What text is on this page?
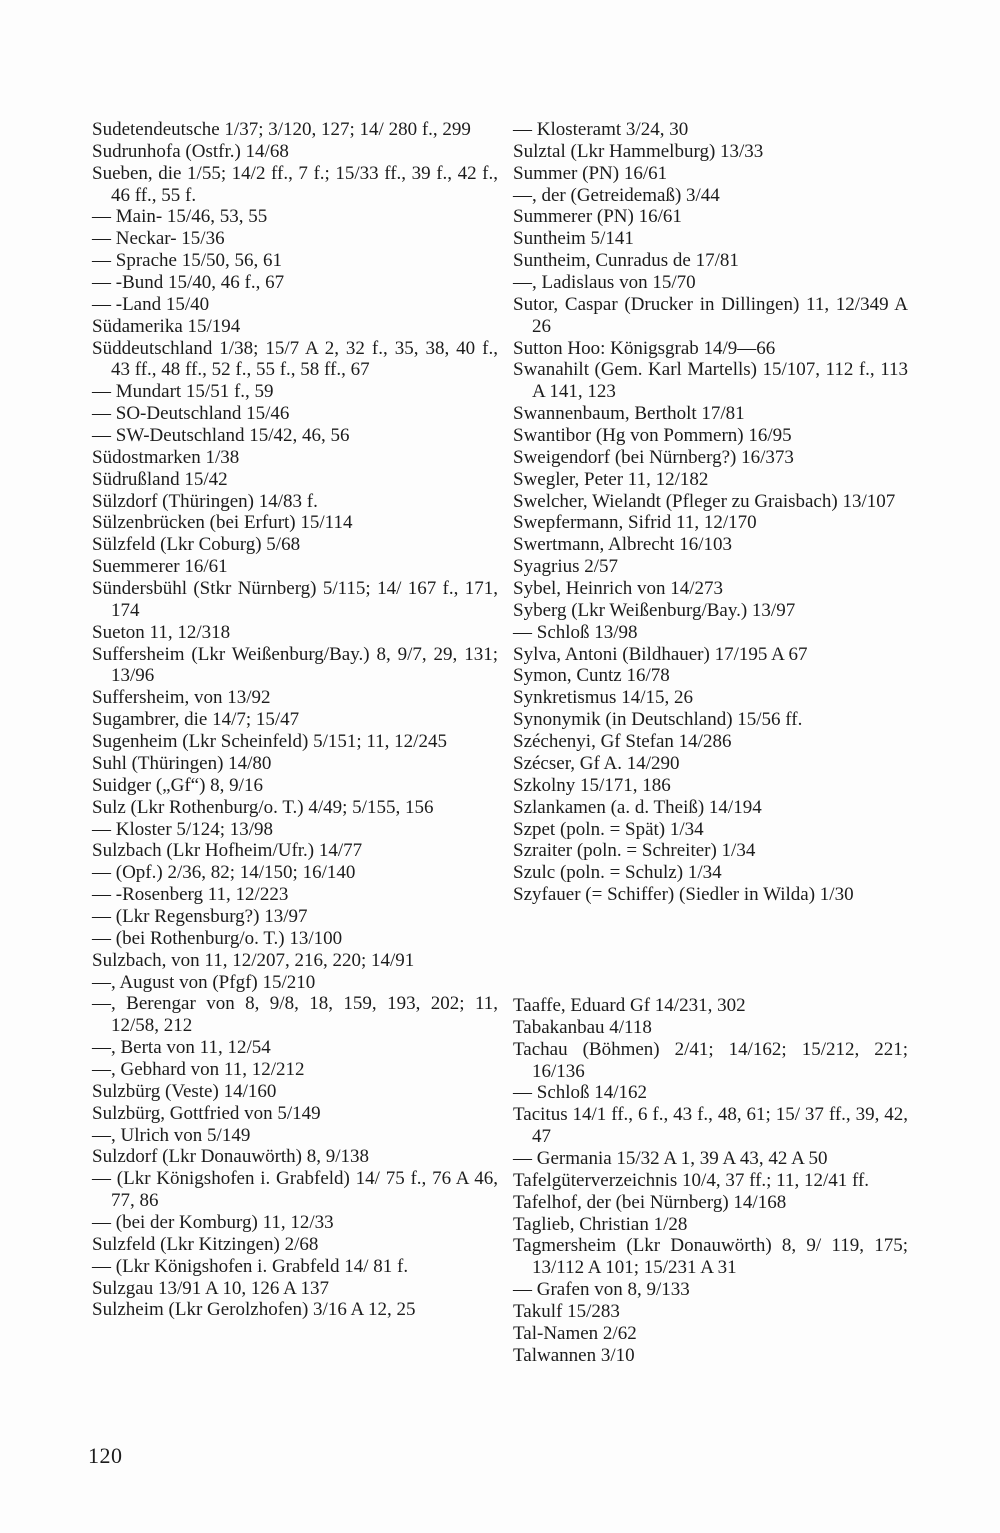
Sudetendeutsche 1/37; 3/120, 127; 14/ 280 f., 299
Sudrunhofa (Ostfr.) 14/68
Sueben, die 1/55; 14/2 ff., 7 f.; 15/33 ff., 39 f., 42 f., 46 ff., 55 f.
— Main- 15/46, 53, 55
— Neckar- 15/36
— Sprache 15/50, 56, 61
— -Bund 15/40, 46 f., 67
— -Land 15/40
Südamerika 15/194
Süddeutschland 1/38; 15/7 A 2, 32 f., 35, 38, 40 f., 43 ff., 48 ff., 52 f., 55 f., 58 ff., 67
— Mundart 15/51 f., 59
— SO-Deutschland 15/46
— SW-Deutschland 15/42, 46, 56
Südostmarken 1/38
Südrußland 15/42
Sülzdorf (Thüringen) 14/83 f.
Sülzenbrücken (bei Erfurt) 15/114
Sülzfeld (Lkr Coburg) 5/68
Suemmerer 16/61
Sündersbühl (Stkr Nürnberg) 5/115; 14/ 167 f., 171, 174
Sueton 11, 12/318
Suffersheim (Lkr Weißenburg/Bay.) 8, 9/7, 29, 131; 13/96
Suffersheim, von 13/92
Sugambrer, die 14/7; 15/47
Sugenheim (Lkr Scheinfeld) 5/151; 11, 12/245
Suhl (Thüringen) 14/80
Suidger („Gf“) 8, 9/16
Sulz (Lkr Rothenburg/o. T.) 4/49; 5/155, 156
— Kloster 5/124; 13/98
Sulzbach (Lkr Hofheim/Ufr.) 14/77
— (Opf.) 2/36, 82; 14/150; 16/140
— -Rosenberg 11, 12/223
— (Lkr Regensburg?) 13/97
— (bei Rothenburg/o. T.) 13/100
Sulzbach, von 11, 12/207, 216, 220; 14/91
—, August von (Pfgf) 15/210
—, Berengar von 8, 9/8, 18, 159, 193, 202; 11, 12/58, 212
—, Berta von 11, 12/54
—, Gebhard von 11, 12/212
Sulzbürg (Veste) 14/160
Sulzbürg, Gottfried von 5/149
—, Ulrich von 5/149
Sulzdorf (Lkr Donauwörth) 8, 9/138
— (Lkr Königshofen i. Grabfeld) 14/ 75 f., 76 A 46, 77, 86
— (bei der Komburg) 11, 12/33
Sulzfeld (Lkr Kitzingen) 2/68
— (Lkr Königshofen i. Grabfeld 14/ 81 f.
Sulzgau 13/91 A 10, 126 A 137
Sulzheim (Lkr Gerolzhofen) 3/16 A 12, 25
— Klosteramt 3/24, 30
Sulztal (Lkr Hammelburg) 13/33
Summer (PN) 16/61
—, der (Getreidemaß) 3/44
Summerer (PN) 16/61
Suntheim 5/141
Suntheim, Cunradus de 17/81
—, Ladislaus von 15/70
Sutor, Caspar (Drucker in Dillingen) 11, 12/349 A 26
Sutton Hoo: Königsgrab 14/9—66
Swanahilt (Gem. Karl Martells) 15/107, 112 f., 113 A 141, 123
Swannenbaum, Bertholt 17/81
Swantibor (Hg von Pommern) 16/95
Sweigendorf (bei Nürnberg?) 16/373
Swegler, Peter 11, 12/182
Swelcher, Wielandt (Pfleger zu Graisbach) 13/107
Swepfermann, Sifrid 11, 12/170
Swertmann, Albrecht 16/103
Syagrius 2/57
Sybel, Heinrich von 14/273
Syberg (Lkr Weißenburg/Bay.) 13/97
— Schloß 13/98
Sylva, Antoni (Bildhauer) 17/195 A 67
Symon, Cuntz 16/78
Synkretismus 14/15, 26
Synonymik (in Deutschland) 15/56 ff.
Széchenyi, Gf Stefan 14/286
Szécser, Gf A. 14/290
Szkolny 15/171, 186
Szlankamen (a. d. Theiß) 14/194
Szpet (poln. = Spät) 1/34
Szraiter (poln. = Schreiter) 1/34
Szulc (poln. = Schulz) 1/34
Szyfauer (= Schiffer) (Siedler in Wilda) 1/30
Taaffe, Eduard Gf 14/231, 302
Tabakanbau 4/118
Tachau (Böhmen) 2/41; 14/162; 15/212, 221; 16/136
— Schloß 14/162
Tacitus 14/1 ff., 6 f., 43 f., 48, 61; 15/ 37 ff., 39, 42, 47
— Germania 15/32 A 1, 39 A 43, 42 A 50
Tafelgüterverzeichnis 10/4, 37 ff.; 11, 12/41 ff.
Tafelhof, der (bei Nürnberg) 14/168
Taglieb, Christian 1/28
Tagmersheim (Lkr Donauwörth) 8, 9/ 119, 175; 13/112 A 101; 15/231 A 31
— Grafen von 8, 9/133
Takulf 15/283
Tal-Namen 2/62
Talwannen 3/10
120
